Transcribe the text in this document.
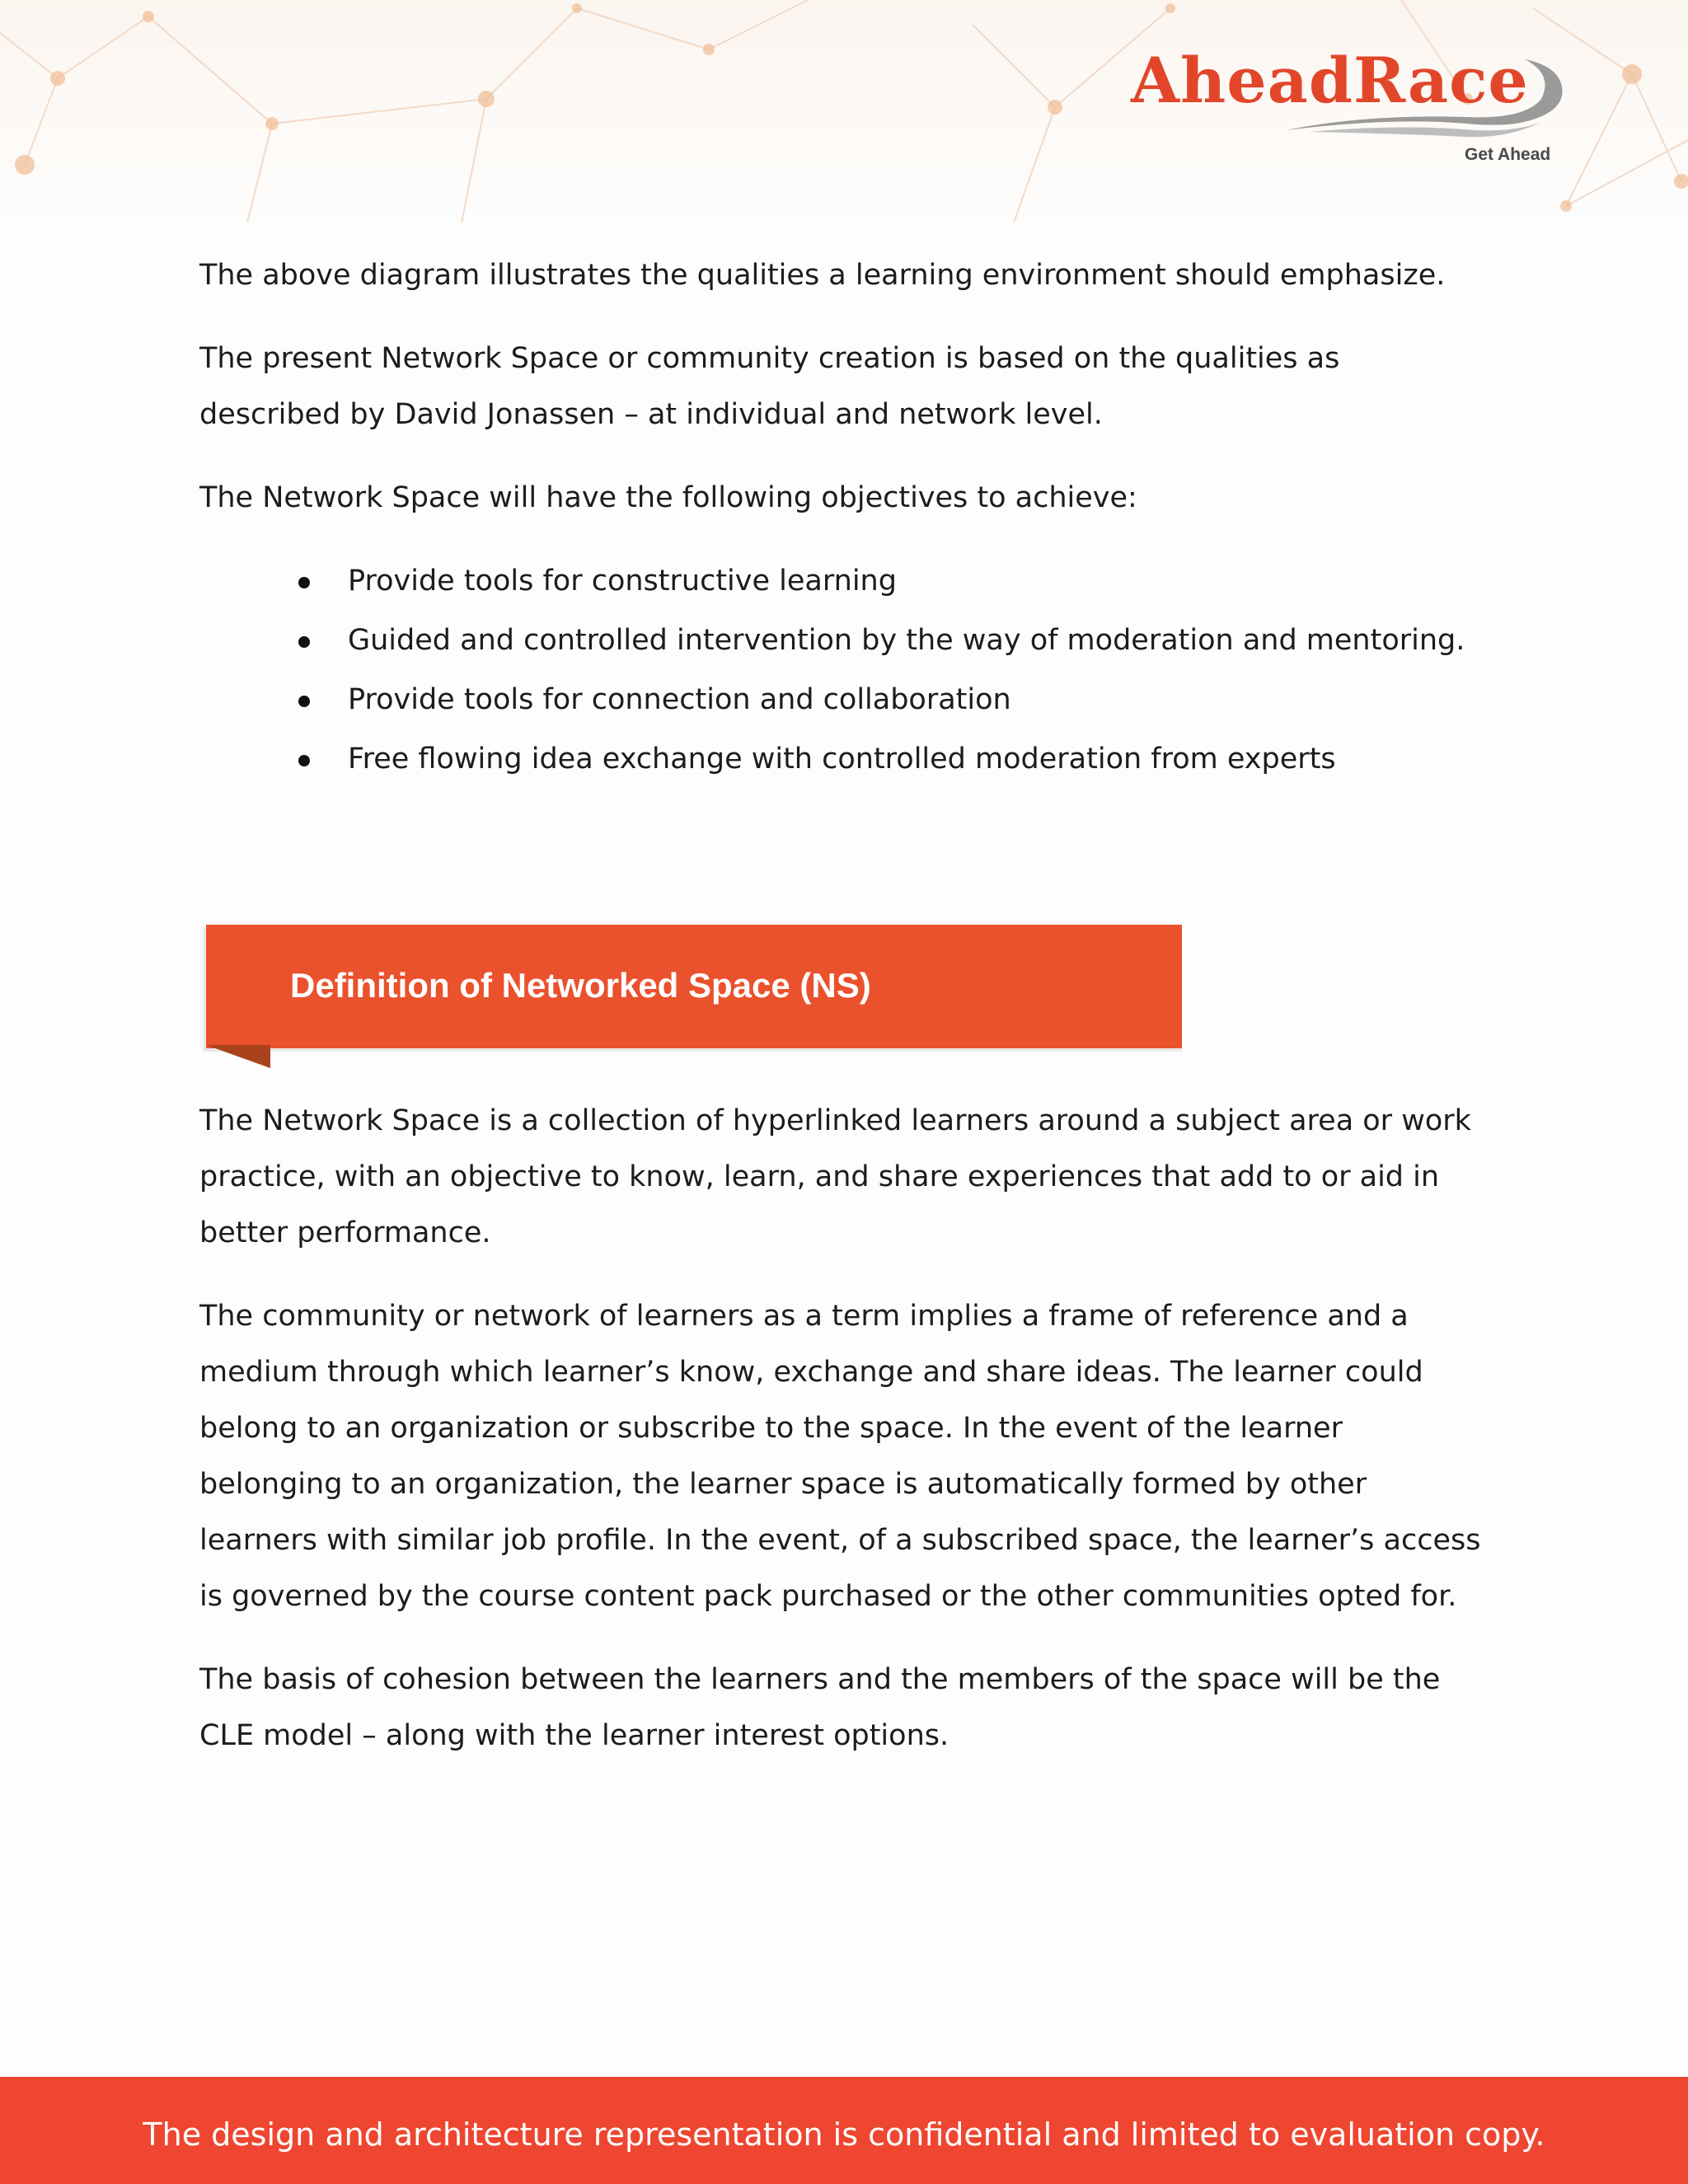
AheadRace
Get Ahead

The above diagram illustrates the qualities a learning environment should emphasize.

The present Network Space or community creation is based on the qualities as described by David Jonassen – at individual and network level.

The Network Space will have the following objectives to achieve:

Provide tools for constructive learning
Guided and controlled intervention by the way of moderation and mentoring.
Provide tools for connection and collaboration
Free flowing idea exchange with controlled moderation from experts
Definition of Networked Space (NS)

The Network Space is a collection of hyperlinked learners around a subject area or work practice, with an objective to know, learn, and share experiences that add to or aid in better performance.

The community or network of learners as a term implies a frame of reference and a medium through which learner’s know, exchange and share ideas. The learner could belong to an organization or subscribe to the space. In the event of the learner belonging to an organization, the learner space is automatically formed by other learners with similar job profile. In the event, of a subscribed space, the learner’s access is governed by the course content pack purchased or the other communities opted for.

The basis of cohesion between the learners and the members of the space will be the CLE model – along with the learner interest options.

The design and architecture representation is confidential and limited to evaluation copy.
